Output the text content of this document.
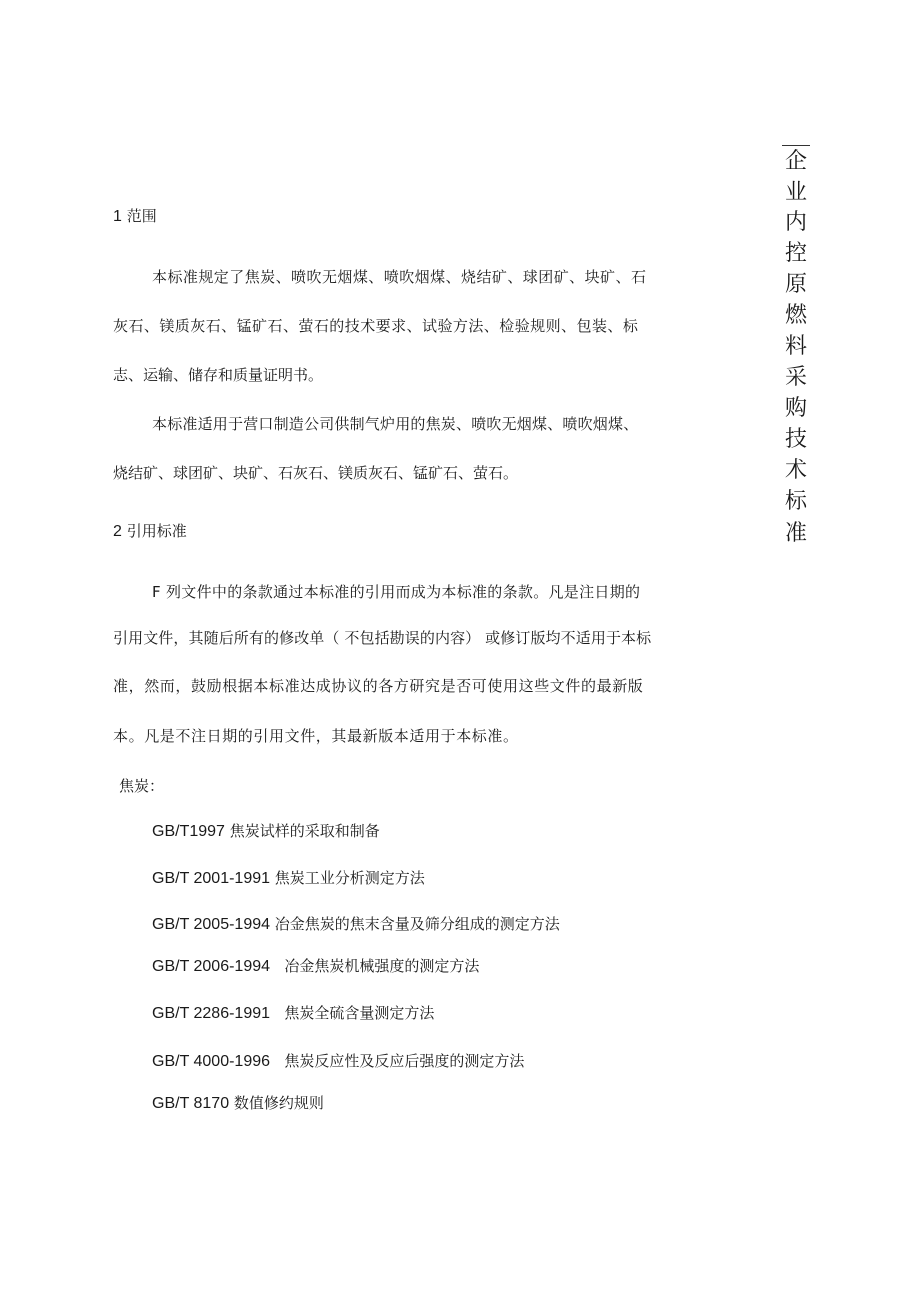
1 范围
本标准规定了焦炭、喷吹无烟煤、喷吹烟煤、烧结矿、球团矿、块矿、石
灰石、镁质灰石、锰矿石、萤石的技术要求、试验方法、检验规则、包装、标
志、运输、储存和质量证明书。
本标准适用于营口制造公司供制气炉用的焦炭、喷吹无烟煤、喷吹烟煤、
烧结矿、球团矿、块矿、石灰石、镁质灰石、锰矿石、萤石。
2 引用标准
F 列文件中的条款通过本标准的引用而成为本标准的条款。凡是注日期的
引用文件，其随后所有的修改单（ 不包括勘误的内容） 或修订版均不适用于本标
准，然而，鼓励根据本标准达成协议的各方研究是否可使用这些文件的最新版
本。凡是不注日期的引用文件，其最新版本适用于本标准。
焦炭：
GB/T1997 焦炭试样的采取和制备
GB/T 2001-1991 焦炭工业分析测定方法
GB/T 2005-1994 冶金焦炭的焦末含量及筛分组成的测定方法
GB/T 2006-1994 冶金焦炭机械强度的测定方法
GB/T 2286-1991 焦炭全硫含量测定方法
GB/T 4000-1996 焦炭反应性及反应后强度的测定方法
GB/T 8170 数值修约规则
企
业
内
控
原
燃
料
采
购
技
术
标
准
